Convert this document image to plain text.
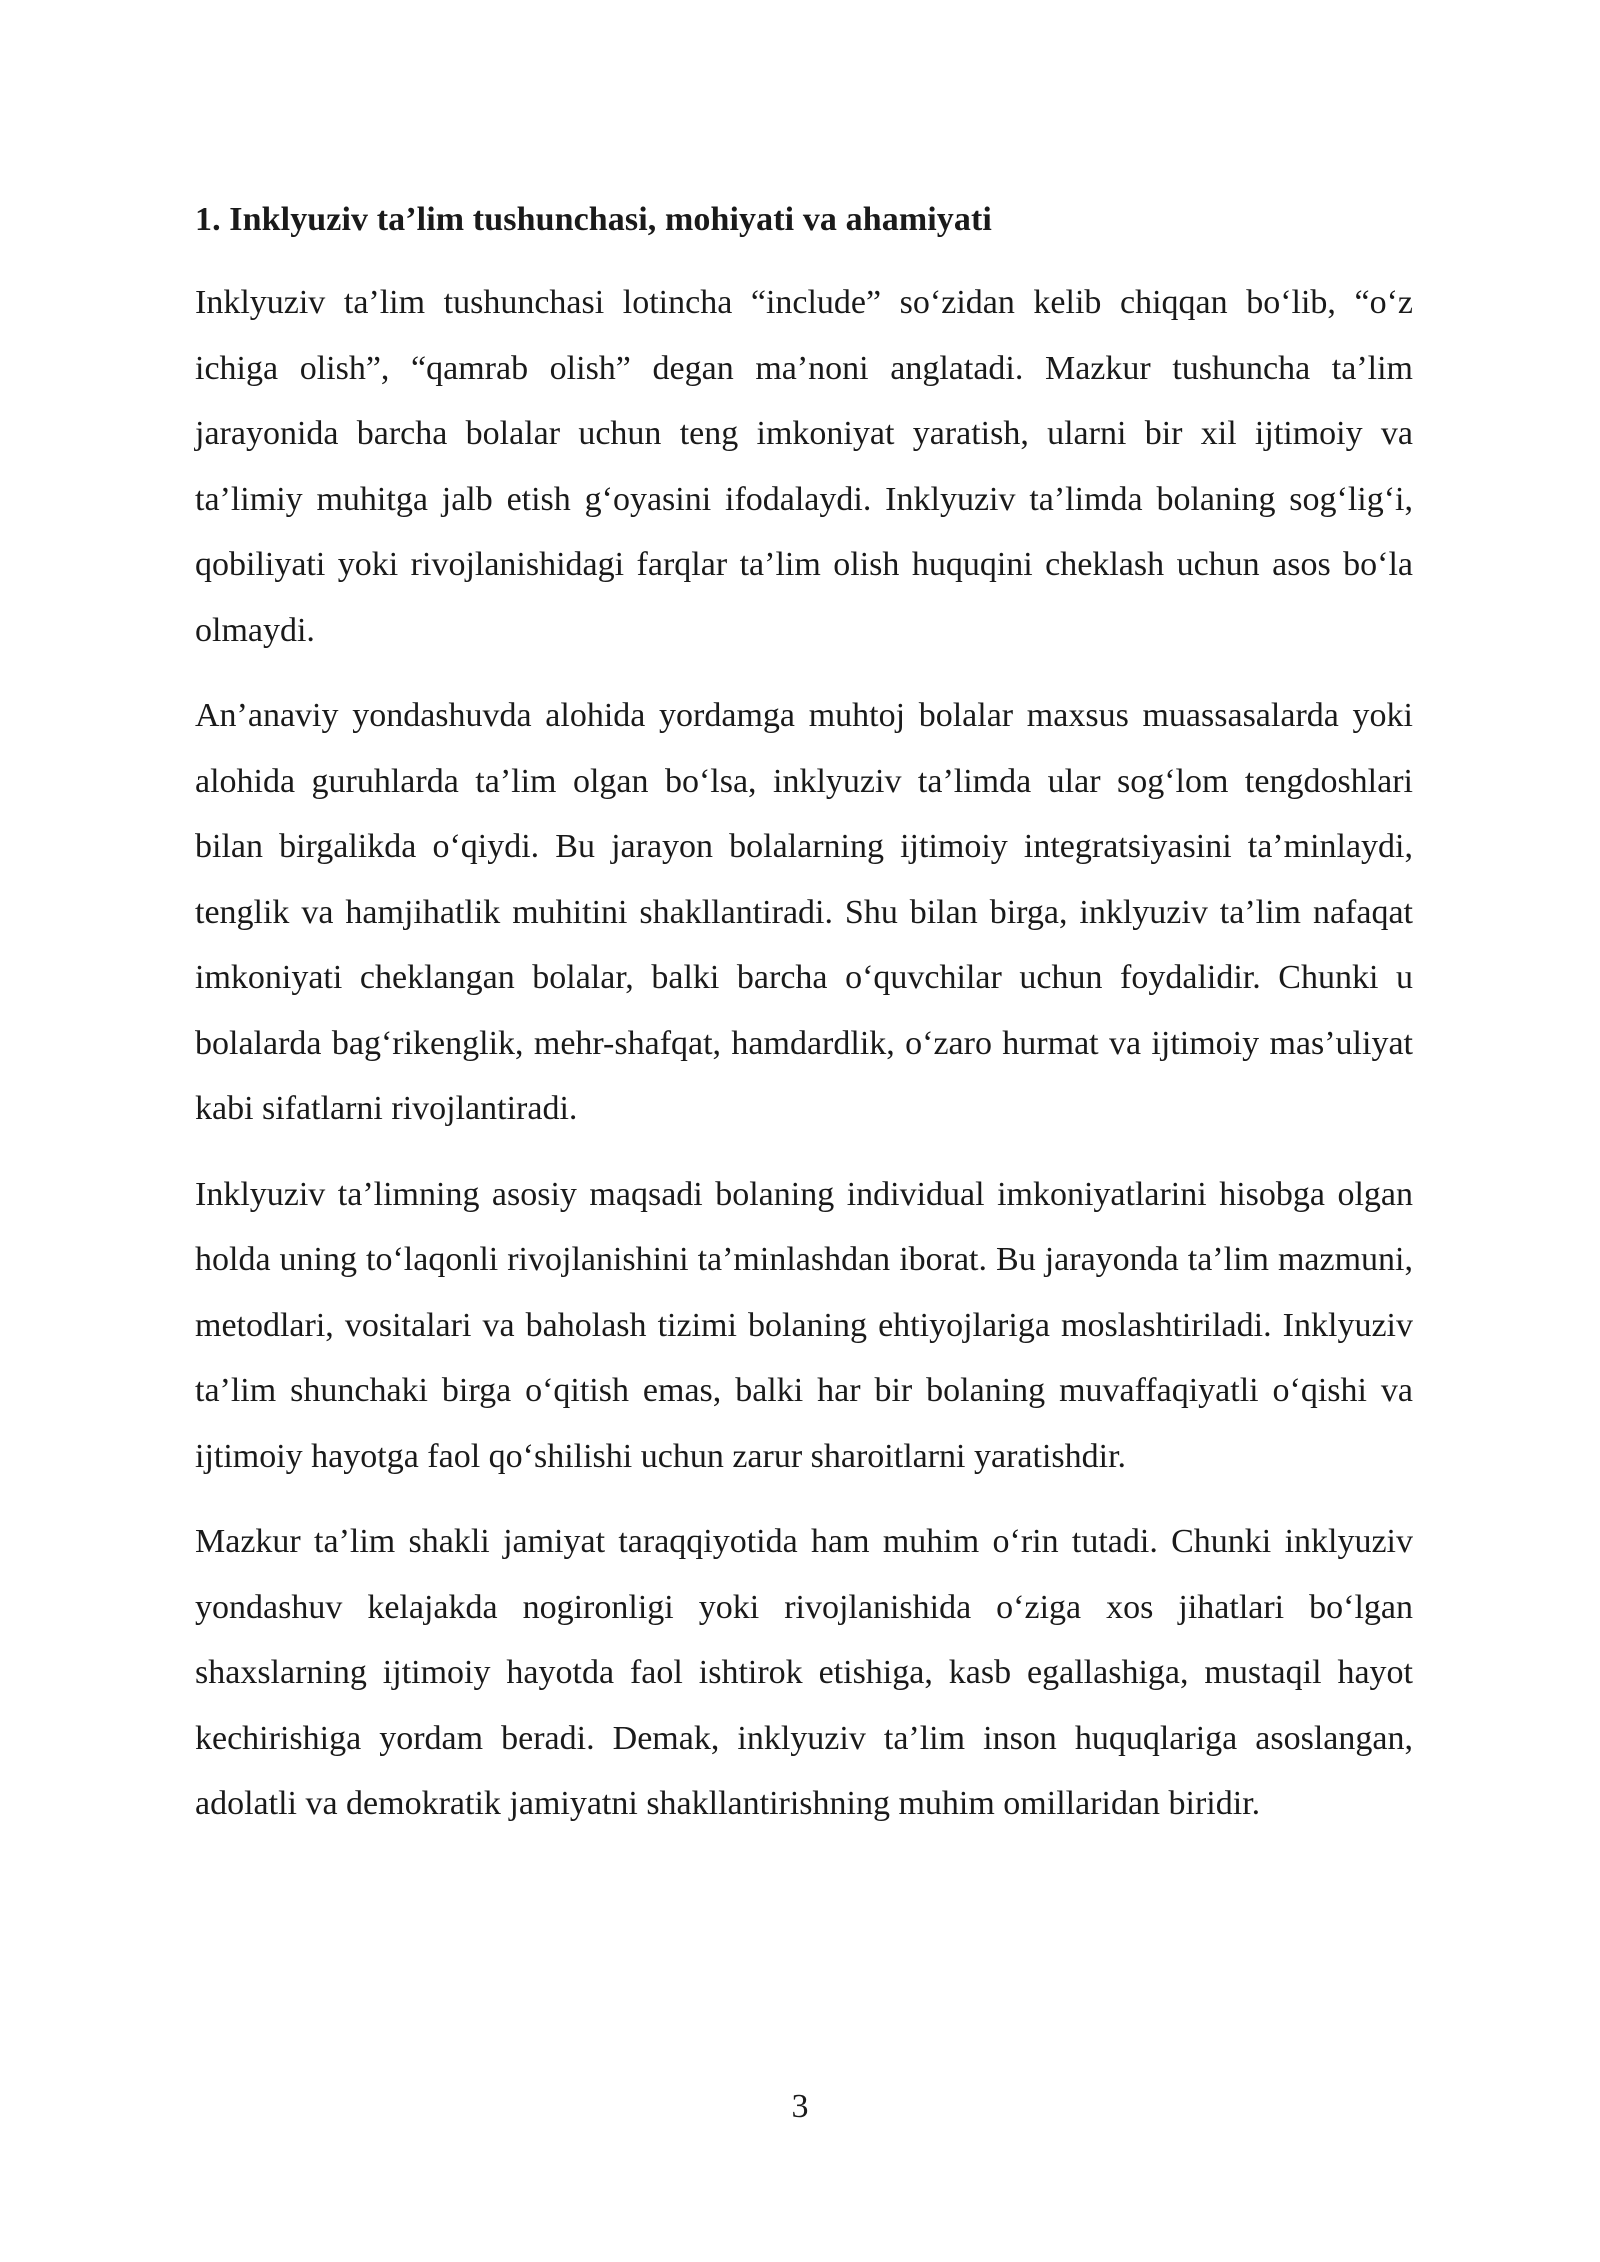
1. Inklyuziv ta’lim tushunchasi, mohiyati va ahamiyati

Inklyuziv ta’lim tushunchasi lotincha “include” so‘zidan kelib chiqqan bo‘lib, “o‘z ichiga olish”, “qamrab olish” degan ma’noni anglatadi. Mazkur tushuncha ta’lim jarayonida barcha bolalar uchun teng imkoniyat yaratish, ularni bir xil ijtimoiy va ta’limiy muhitga jalb etish g‘oyasini ifodalaydi. Inklyuziv ta’limda bolaning sog‘lig‘i, qobiliyati yoki rivojlanishidagi farqlar ta’lim olish huquqini cheklash uchun asos bo‘la olmaydi.

An’anaviy yondashuvda alohida yordamga muhtoj bolalar maxsus muassasalarda yoki alohida guruhlarda ta’lim olgan bo‘lsa, inklyuziv ta’limda ular sog‘lom tengdoshlari bilan birgalikda o‘qiydi. Bu jarayon bolalarning ijtimoiy integratsiyasini ta’minlaydi, tenglik va hamjihatlik muhitini shakllantiradi. Shu bilan birga, inklyuziv ta’lim nafaqat imkoniyati cheklangan bolalar, balki barcha o‘quvchilar uchun foydalidir. Chunki u bolalarda bag‘rikenglik, mehr-shafqat, hamdardlik, o‘zaro hurmat va ijtimoiy mas’uliyat kabi sifatlarni rivojlantiradi.

Inklyuziv ta’limning asosiy maqsadi bolaning individual imkoniyatlarini hisobga olgan holda uning to‘laqonli rivojlanishini ta’minlashdan iborat. Bu jarayonda ta’lim mazmuni, metodlari, vositalari va baholash tizimi bolaning ehtiyojlariga moslashtiriladi. Inklyuziv ta’lim shunchaki birga o‘qitish emas, balki har bir bolaning muvaffaqiyatli o‘qishi va ijtimoiy hayotga faol qo‘shilishi uchun zarur sharoitlarni yaratishdir.

Mazkur ta’lim shakli jamiyat taraqqiyotida ham muhim o‘rin tutadi. Chunki inklyuziv yondashuv kelajakda nogironligi yoki rivojlanishida o‘ziga xos jihatlari bo‘lgan shaxslarning ijtimoiy hayotda faol ishtirok etishiga, kasb egallashiga, mustaqil hayot kechirishiga yordam beradi. Demak, inklyuziv ta’lim inson huquqlariga asoslangan, adolatli va demokratik jamiyatni shakllantirishning muhim omillaridan biridir.

3
